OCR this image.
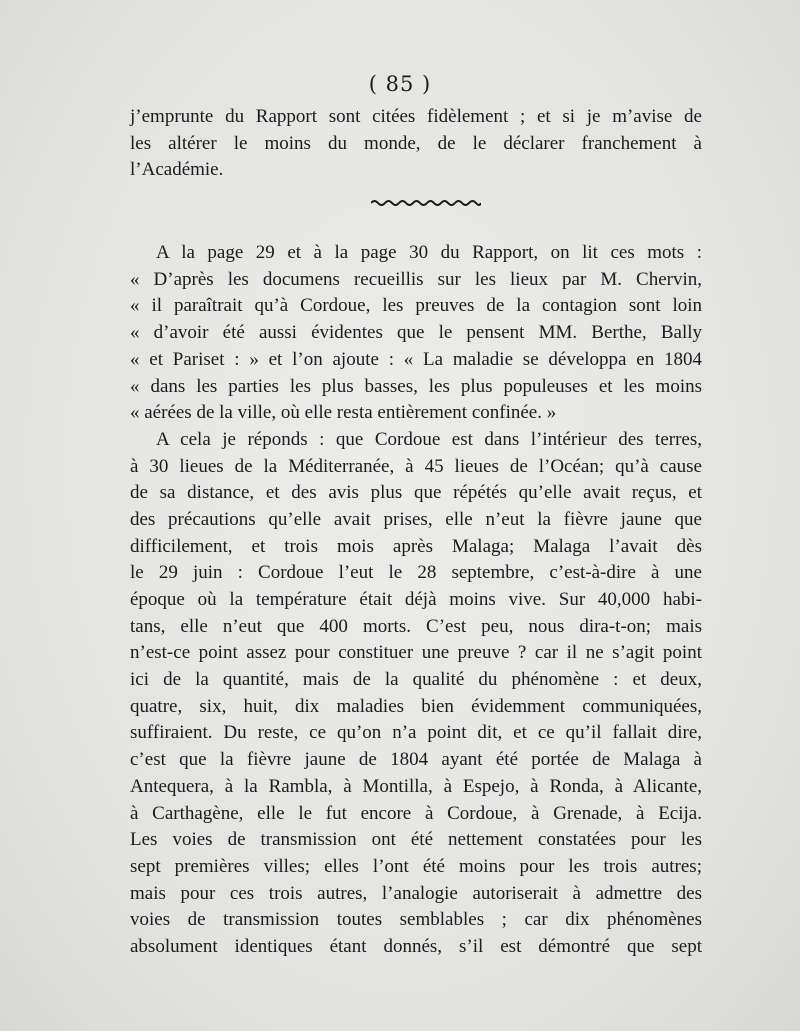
( 85 )
j’emprunte du Rapport sont citées fidèlement ; et si je m’avise de
les altérer le moins du monde, de le déclarer franchement à
l’Académie.
A la page 29 et à la page 30 du Rapport, on lit ces mots :
« D’après les documens recueillis sur les lieux par M. Chervin,
« il paraîtrait qu’à Cordoue, les preuves de la contagion sont loin
« d’avoir été aussi évidentes que le pensent MM. Berthe, Bally
« et Pariset : » et l’on ajoute : « La maladie se développa en 1804
« dans les parties les plus basses, les plus populeuses et les moins
« aérées de la ville, où elle resta entièrement confinée. »
A cela je réponds : que Cordoue est dans l’intérieur des terres,
à 30 lieues de la Méditerranée, à 45 lieues de l’Océan; qu’à cause
de sa distance, et des avis plus que répétés qu’elle avait reçus, et
des précautions qu’elle avait prises, elle n’eut la fièvre jaune que
difficilement, et trois mois après Malaga; Malaga l’avait dès
le 29 juin : Cordoue l’eut le 28 septembre, c’est-à-dire à une
époque où la température était déjà moins vive. Sur 40,000 habi-
tans, elle n’eut que 400 morts. C’est peu, nous dira-t-on; mais
n’est-ce point assez pour constituer une preuve ? car il ne s’agit point
ici de la quantité, mais de la qualité du phénomène : et deux,
quatre, six, huit, dix maladies bien évidemment communiquées,
suffiraient. Du reste, ce qu’on n’a point dit, et ce qu’il fallait dire,
c’est que la fièvre jaune de 1804 ayant été portée de Malaga à
Antequera, à la Rambla, à Montilla, à Espejo, à Ronda, à Alicante,
à Carthagène, elle le fut encore à Cordoue, à Grenade, à Ecija.
Les voies de transmission ont été nettement constatées pour les
sept premières villes; elles l’ont été moins pour les trois autres;
mais pour ces trois autres, l’analogie autoriserait à admettre des
voies de transmission toutes semblables ; car dix phénomènes
absolument identiques étant donnés, s’il est démontré que sept
